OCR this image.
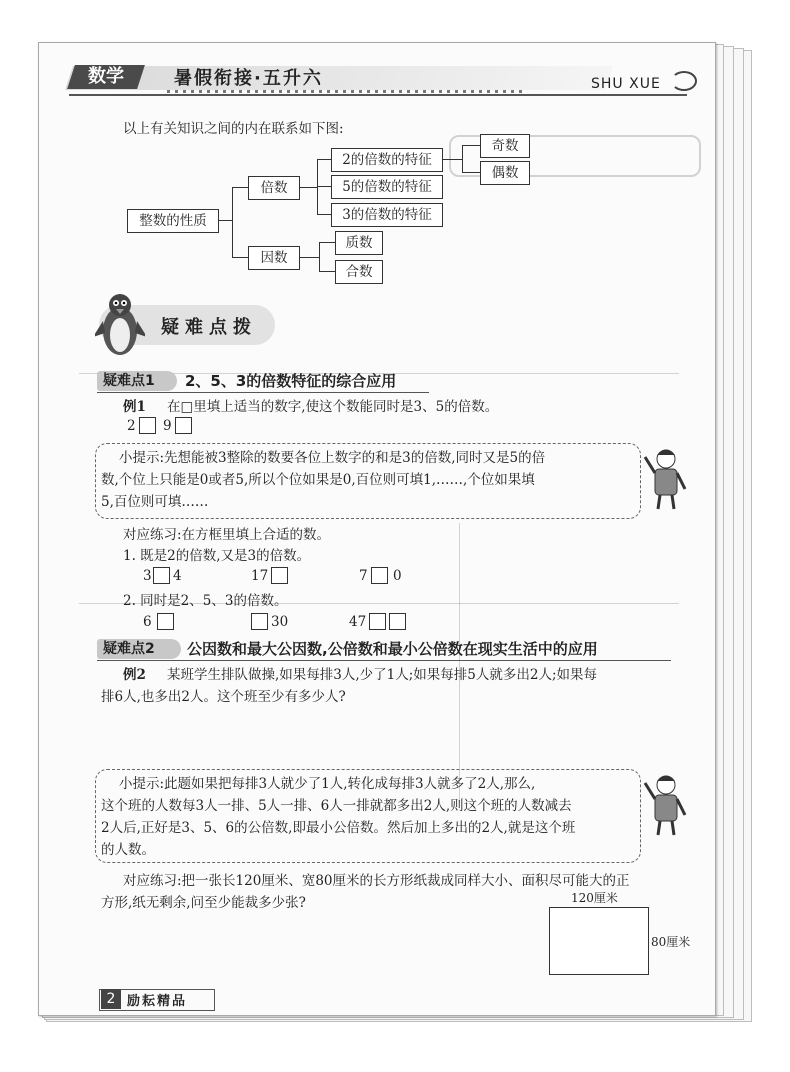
数学	暑假衔接·五升六	SHU XUE
以上有关知识之间的内在联系如下图:
整数的性质
倍数
因数
2的倍数的特征
5的倍数的特征
3的倍数的特征
奇数
偶数
质数
合数
疑难点拨
疑难点1	2、5、3的倍数特征的综合应用
例1 在□里填上适当的数字,使这个数能同时是3、5的倍数。
2 9
小提示:先想能被3整除的数要各位上数字的和是3的倍数,同时又是5的倍
数,个位上只能是0或者5,所以个位如果是0,百位则可填1,……,个位如果填
5,百位则可填……
对应练习:在方框里填上合适的数。
1. 既是2的倍数,又是3的倍数。
3 4	17	7 0
2. 同时是2、5、3的倍数。
6	30	47
疑难点2	公因数和最大公因数,公倍数和最小公倍数在现实生活中的应用
例2 某班学生排队做操,如果每排3人,少了1人;如果每排5人就多出2人;如果每
排6人,也多出2人。这个班至少有多少人?
小提示:此题如果把每排3人就少了1人,转化成每排3人就多了2人,那么,
这个班的人数每3人一排、5人一排、6人一排就都多出2人,则这个班的人数减去
2人后,正好是3、5、6的公倍数,即最小公倍数。然后加上多出的2人,就是这个班
的人数。
对应练习:把一张长120厘米、宽80厘米的长方形纸裁成同样大小、面积尽可能大的正
方形,纸无剩余,问至少能裁多少张?	120厘米
80厘米
2 励耘精品
